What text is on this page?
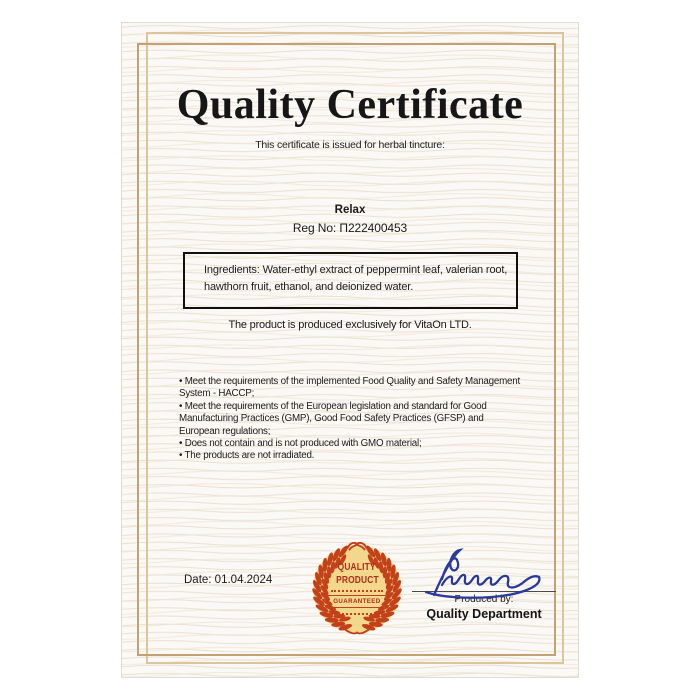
Quality Certificate
This certificate is issued for herbal tincture:
Relax
Reg No: Π222400453
Ingredients: Water-ethyl extract of peppermint leaf, valerian root, hawthorn fruit, ethanol, and deionized water.
The product is produced exclusively for VitaOn LTD.

• Meet the requirements of the implemented Food Quality and Safety Management System - HACCP;

• Meet the requirements of the European legislation and standard for Good Manufacturing Practices (GMP), Good Food Safety Practices (GFSP) and European regulations;

• Does not contain and is not produced with GMO material;

• The products are not irradiated.

Date: 01.04.2024
QUALITY
PRODUCT
GUARANTEED	Produced by:
Quality Department
